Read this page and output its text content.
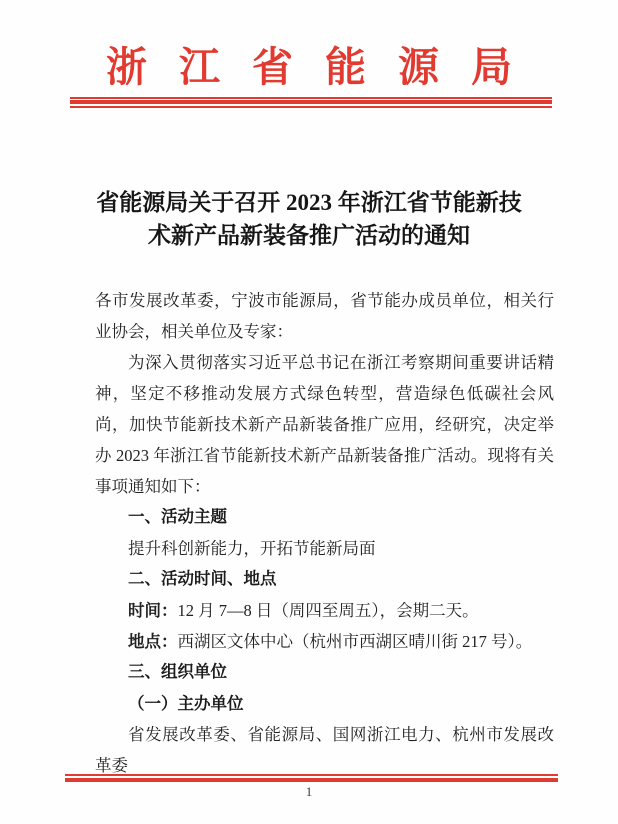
浙江省能源局
省能源局关于召开 2023 年浙江省节能新技
术新产品新装备推广活动的通知

各市发展改革委，宁波市能源局，省节能办成员单位，相关行业协会，相关单位及专家：

为深入贯彻落实习近平总书记在浙江考察期间重要讲话精神，坚定不移推动发展方式绿色转型，营造绿色低碳社会风尚，加快节能新技术新产品新装备推广应用，经研究，决定举办 2023 年浙江省节能新技术新产品新装备推广活动。现将有关事项通知如下：

一、活动主题

提升科创新能力，开拓节能新局面

二、活动时间、地点

时间：12 月 7—8 日（周四至周五），会期二天。

地点：西湖区文体中心（杭州市西湖区晴川街 217 号）。

三、组织单位

（一）主办单位

省发展改革委、省能源局、国网浙江电力、杭州市发展改革委

1
